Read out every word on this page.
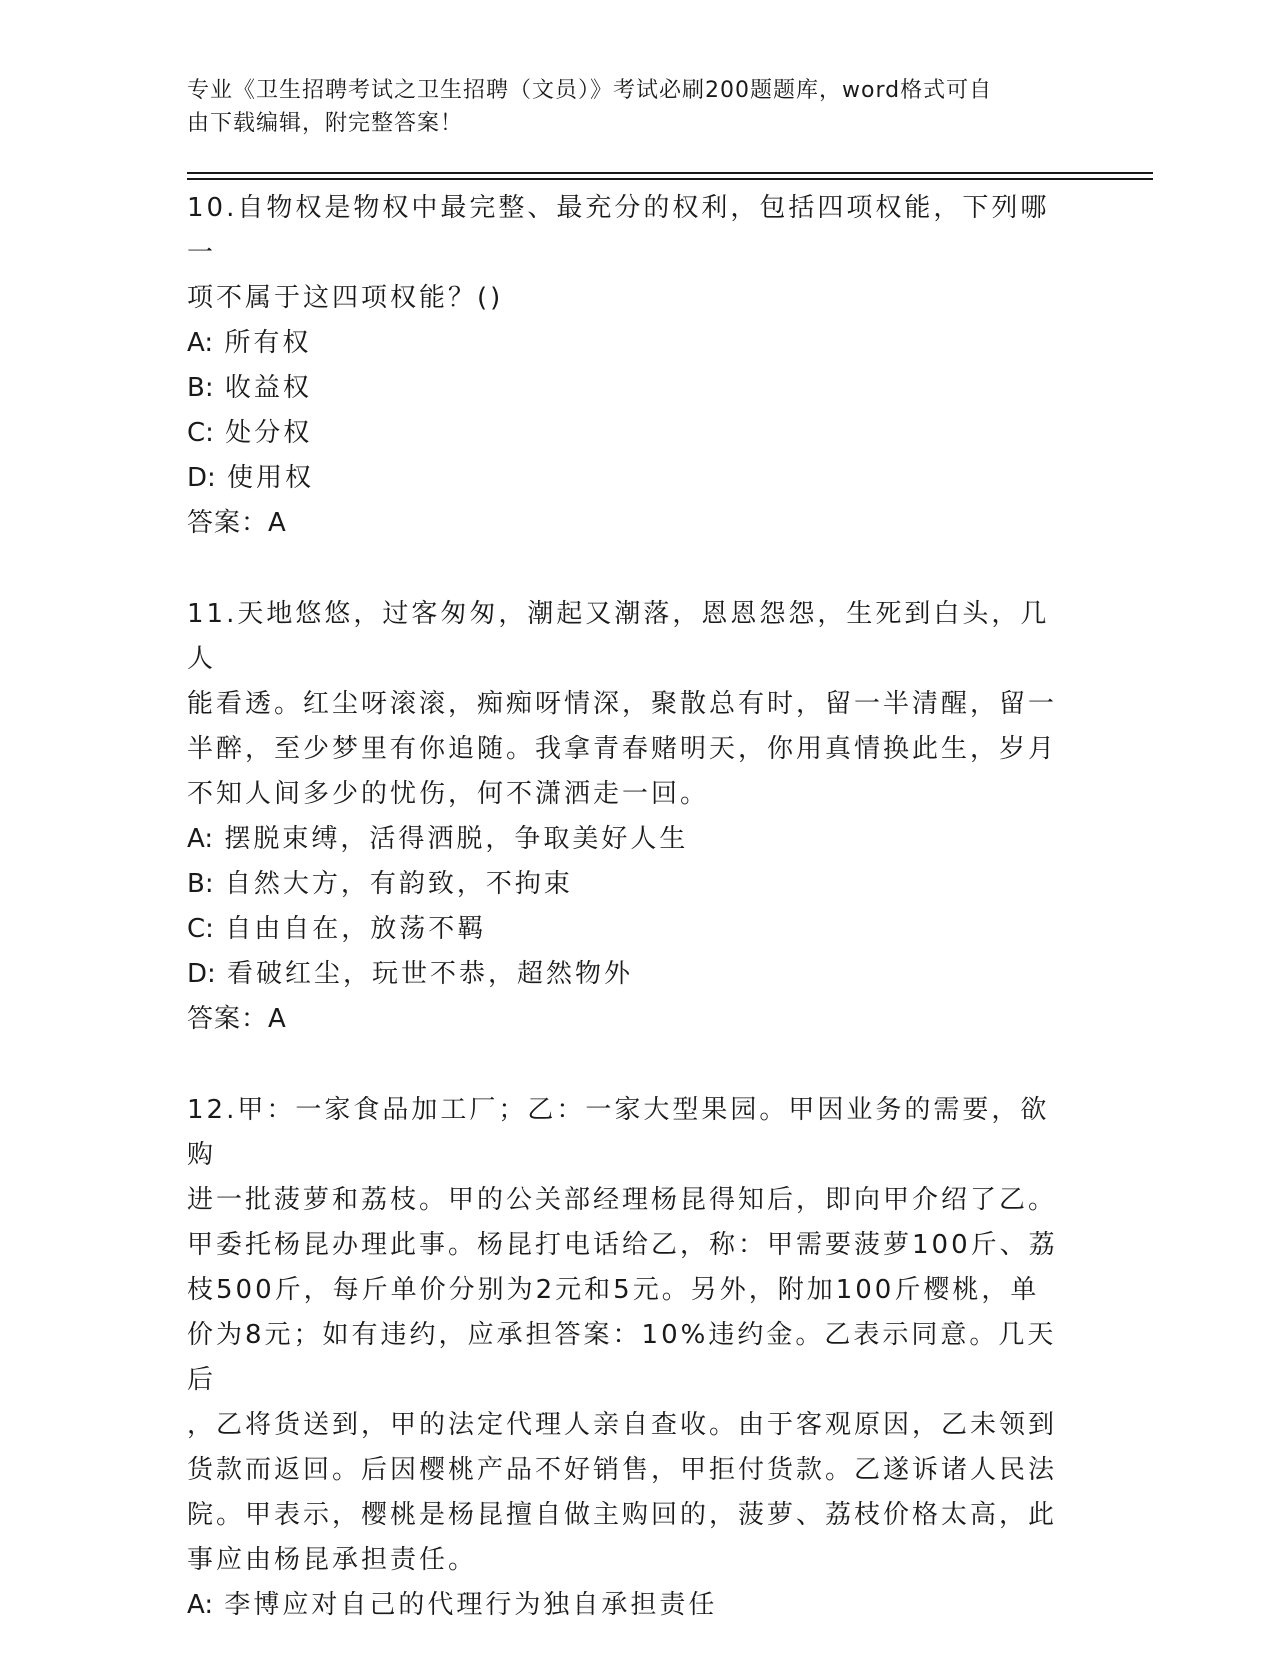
专业《卫生招聘考试之卫生招聘（文员）》考试必刷200题题库，word格式可自
由下载编辑，附完整答案！
10.自物权是物权中最完整、最充分的权利，包括四项权能，下列哪一
项不属于这四项权能？()
A: 所有权
B: 收益权
C: 处分权
D: 使用权
答案：A
11.天地悠悠，过客匆匆，潮起又潮落，恩恩怨怨，生死到白头，几人
能看透。红尘呀滚滚，痴痴呀情深，聚散总有时，留一半清醒，留一
半醉，至少梦里有你追随。我拿青春赌明天，你用真情换此生，岁月
不知人间多少的忧伤，何不潇洒走一回。
A: 摆脱束缚，活得洒脱，争取美好人生
B: 自然大方，有韵致，不拘束
C: 自由自在，放荡不羁
D: 看破红尘，玩世不恭，超然物外
答案：A
12.甲：一家食品加工厂；乙：一家大型果园。甲因业务的需要，欲购
进一批菠萝和荔枝。甲的公关部经理杨昆得知后，即向甲介绍了乙。
甲委托杨昆办理此事。杨昆打电话给乙，称：甲需要菠萝100斤、荔
枝500斤，每斤单价分别为2元和5元。另外，附加100斤樱桃，单
价为8元；如有违约，应承担答案：10%违约金。乙表示同意。几天后
，乙将货送到，甲的法定代理人亲自查收。由于客观原因，乙未领到
货款而返回。后因樱桃产品不好销售，甲拒付货款。乙遂诉诸人民法
院。甲表示，樱桃是杨昆擅自做主购回的，菠萝、荔枝价格太高，此
事应由杨昆承担责任。
A: 李博应对自己的代理行为独自承担责任
